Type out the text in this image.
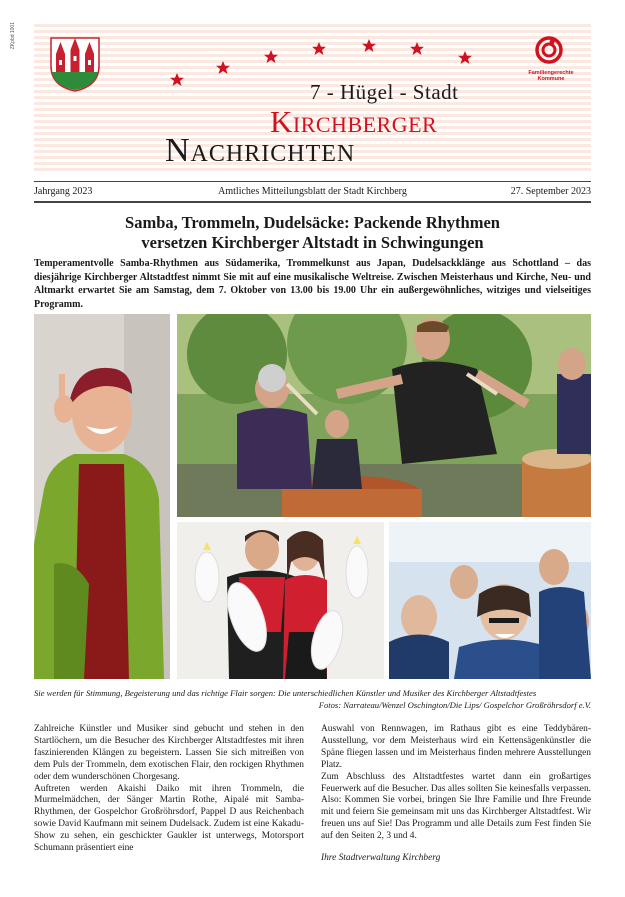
ZKpbd 1001
7 - Hügel - Stadt
Kirchberger
Nachrichten
Familiengerechte Kommune
Jahrgang 2023	Amtliches Mitteilungsblatt der Stadt Kirchberg	27. September 2023
Samba, Trommeln, Dudelsäcke: Packende Rhythmen
versetzen Kirchberger Altstadt in Schwingungen
Temperamentvolle Samba-Rhythmen aus Südamerika, Trommelkunst aus Japan, Dudelsackklänge aus Schottland – das diesjährige Kirchberger Altstadtfest nimmt Sie mit auf eine musikalische Weltreise. Zwischen Meisterhaus und Kirche, Neu- und Altmarkt erwartet Sie am Samstag, dem 7. Oktober von 13.00 bis 19.00 Uhr ein außergewöhnliches, witziges und vielseitiges Programm.
Sie werden für Stimmung, Begeisterung und das richtige Flair sorgen: Die unterschiedlichen Künstler und Musiker des Kirchberger Altstadtfestes
Fotos: Narrateau/Wenzel Oschington/Die Lips/ Gospelchor Großröhrsdorf e.V.

Zahlreiche Künstler und Musiker sind gebucht und stehen in den Startlöchern, um die Besucher des Kirchberger Altstadtfestes mit ihren faszinierenden Klängen zu begeistern. Lassen Sie sich mitreißen von dem Puls der Trommeln, dem exotischen Flair, den rockigen Rhythmen oder dem wunderschönen Chorgesang.

Auftreten werden Akaishi Daiko mit ihren Trommeln, die Murmelmädchen, der Sänger Martin Rothe, Aipalé mit Samba-Rhythmen, der Gospelchor Großröhrsdorf, Pappel D aus Reichenbach sowie David Kaufmann mit seinem Dudelsack. Zudem ist eine Kakadu-Show zu sehen, ein geschickter Gaukler ist unterwegs, Motorsport Schumann präsentiert eine

Auswahl von Rennwagen, im Rathaus gibt es eine Teddybären-Ausstellung, vor dem Meisterhaus wird ein Kettensägenkünstler die Späne fliegen lassen und im Meisterhaus finden mehrere Ausstellungen Platz.

Zum Abschluss des Altstadtfestes wartet dann ein großartiges Feuerwerk auf die Besucher. Das alles sollten Sie keinesfalls verpassen. Also: Kommen Sie vorbei, bringen Sie Ihre Familie und Ihre Freunde mit und feiern Sie gemeinsam mit uns das Kirchberger Altstadtfest. Wir freuen uns auf Sie! Das Programm und alle Details zum Fest finden Sie auf den Seiten 2, 3 und 4.

Ihre Stadtverwaltung Kirchberg
